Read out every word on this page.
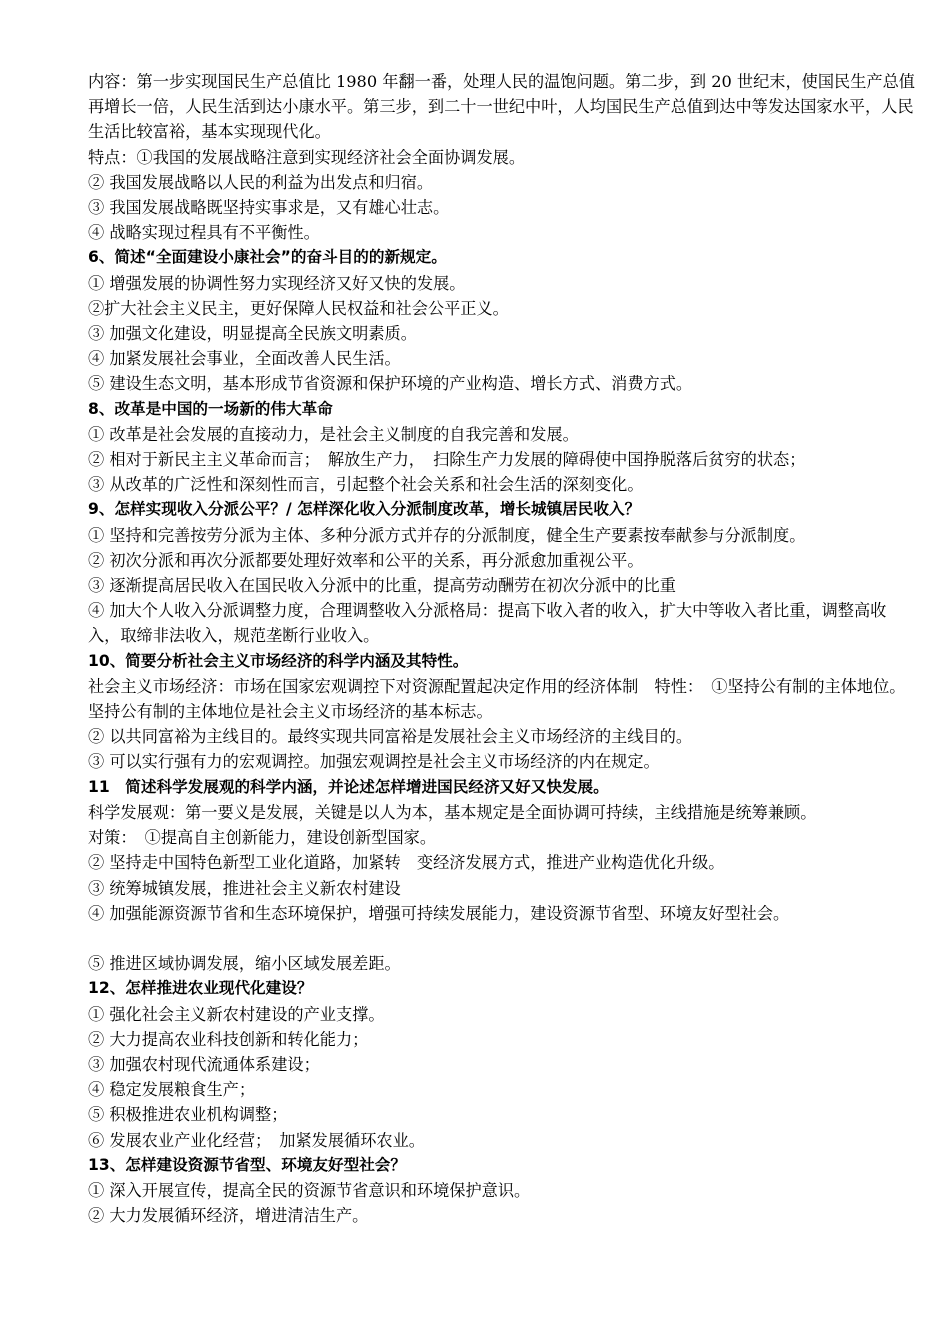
内容：第一步实现国民生产总值比 1980 年翻一番，处理人民的温饱问题。第二步，到 20 世纪末，使国民生产总值再增长一倍，人民生活到达小康水平。第三步，到二十一世纪中叶，人均国民生产总值到达中等发达国家水平，人民生活比较富裕，基本实现现代化。

特点：①我国的发展战略注意到实现经济社会全面协调发展。

② 我国发展战略以人民的利益为出发点和归宿。

③ 我国发展战略既坚持实事求是，又有雄心壮志。

④ 战略实现过程具有不平衡性。

6、简述“全面建设小康社会”的奋斗目的的新规定。

① 增强发展的协调性努力实现经济又好又快的发展。

②扩大社会主义民主，更好保障人民权益和社会公平正义。

③ 加强文化建设，明显提高全民族文明素质。

④ 加紧发展社会事业，全面改善人民生活。

⑤ 建设生态文明，基本形成节省资源和保护环境的产业构造、增长方式、消费方式。

8、改革是中国的一场新的伟大革命

① 改革是社会发展的直接动力，是社会主义制度的自我完善和发展。

② 相对于新民主主义革命而言；　解放生产力，　扫除生产力发展的障碍使中国挣脱落后贫穷的状态；

③ 从改革的广泛性和深刻性而言，引起整个社会关系和社会生活的深刻变化。

9、怎样实现收入分派公平？/ 怎样深化收入分派制度改革，增长城镇居民收入？

① 坚持和完善按劳分派为主体、多种分派方式并存的分派制度，健全生产要素按奉献参与分派制度。

② 初次分派和再次分派都要处理好效率和公平的关系，再分派愈加重视公平。

③ 逐渐提高居民收入在国民收入分派中的比重，提高劳动酬劳在初次分派中的比重

④ 加大个人收入分派调整力度，合理调整收入分派格局：提高下收入者的收入，扩大中等收入者比重，调整高收入，取缔非法收入，规范垄断行业收入。

10、简要分析社会主义市场经济的科学内涵及其特性。

社会主义市场经济：市场在国家宏观调控下对资源配置起决定作用的经济体制　特性：　①坚持公有制的主体地位。坚持公有制的主体地位是社会主义市场经济的基本标志。

② 以共同富裕为主线目的。最终实现共同富裕是发展社会主义市场经济的主线目的。

③ 可以实行强有力的宏观调控。加强宏观调控是社会主义市场经济的内在规定。

11　简述科学发展观的科学内涵，并论述怎样增进国民经济又好又快发展。

科学发展观：第一要义是发展，关键是以人为本，基本规定是全面协调可持续，主线措施是统筹兼顾。

对策：　①提高自主创新能力，建设创新型国家。

② 坚持走中国特色新型工业化道路，加紧转　变经济发展方式，推进产业构造优化升级。

③ 统筹城镇发展，推进社会主义新农村建设

④ 加强能源资源节省和生态环境保护，增强可持续发展能力，建设资源节省型、环境友好型社会。

⑤ 推进区域协调发展，缩小区域发展差距。

12、怎样推进农业现代化建设？

① 强化社会主义新农村建设的产业支撑。

② 大力提高农业科技创新和转化能力；

③ 加强农村现代流通体系建设；

④ 稳定发展粮食生产；

⑤ 积极推进农业机构调整；

⑥ 发展农业产业化经营；　加紧发展循环农业。

13、怎样建设资源节省型、环境友好型社会？

① 深入开展宣传，提高全民的资源节省意识和环境保护意识。

② 大力发展循环经济，增进清洁生产。
